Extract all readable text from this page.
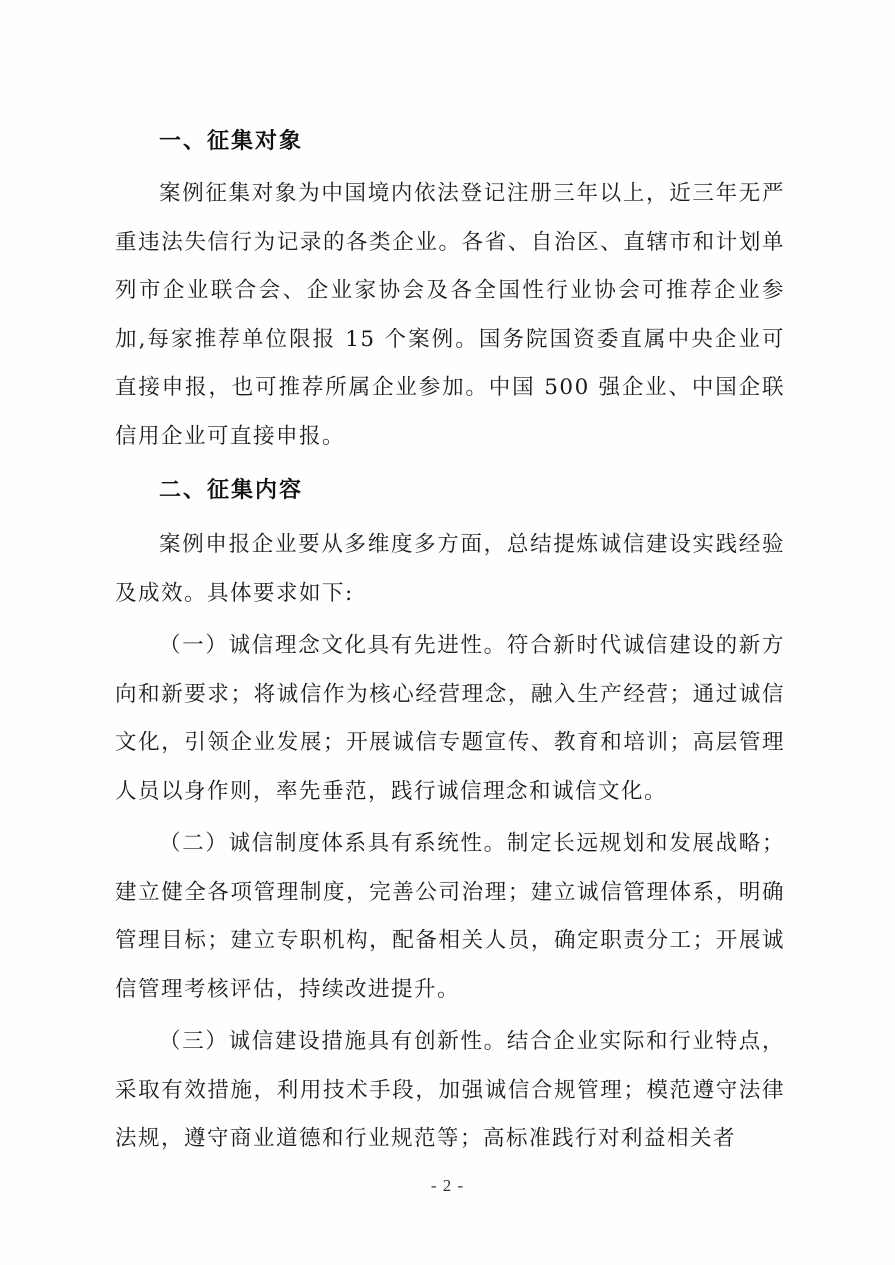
一、征集对象

案例征集对象为中国境内依法登记注册三年以上，近三年无严重违法失信行为记录的各类企业。各省、自治区、直辖市和计划单列市企业联合会、企业家协会及各全国性行业协会可推荐企业参加,每家推荐单位限报 15 个案例。国务院国资委直属中央企业可直接申报，也可推荐所属企业参加。中国 500 强企业、中国企联信用企业可直接申报。

二、征集内容

案例申报企业要从多维度多方面，总结提炼诚信建设实践经验及成效。具体要求如下:

（一）诚信理念文化具有先进性。符合新时代诚信建设的新方向和新要求；将诚信作为核心经营理念，融入生产经营；通过诚信文化，引领企业发展；开展诚信专题宣传、教育和培训；高层管理人员以身作则，率先垂范，践行诚信理念和诚信文化。

（二）诚信制度体系具有系统性。制定长远规划和发展战略；建立健全各项管理制度，完善公司治理；建立诚信管理体系，明确管理目标；建立专职机构，配备相关人员，确定职责分工；开展诚信管理考核评估，持续改进提升。

（三）诚信建设措施具有创新性。结合企业实际和行业特点，采取有效措施，利用技术手段，加强诚信合规管理；模范遵守法律法规，遵守商业道德和行业规范等；高标准践行对利益相关者

- 2 -
